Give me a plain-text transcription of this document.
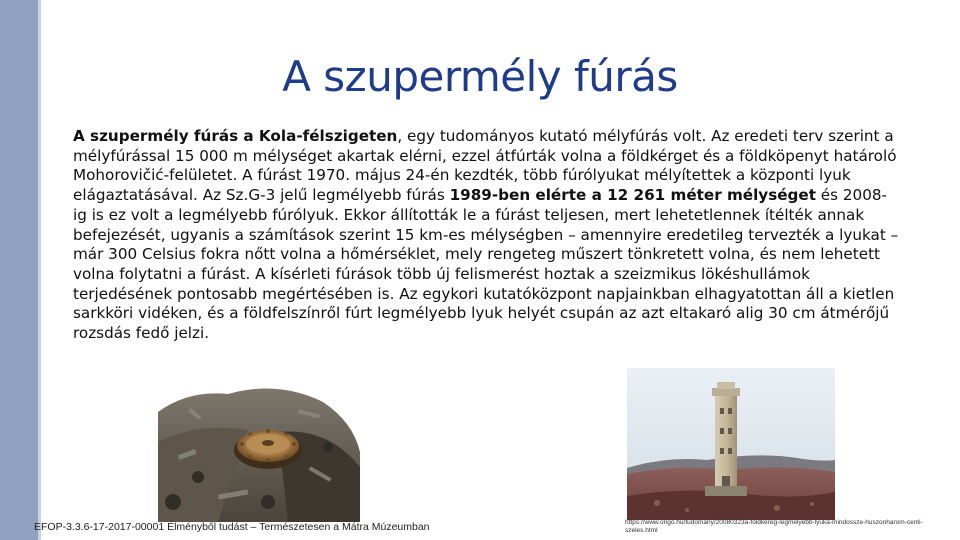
A szupermély fúrás
A szupermély fúrás a Kola-félszigeten, egy tudományos kutató mélyfúrás volt. Az eredeti terv szerint a mélyfúrással 15 000 m mélységet akartak elérni, ezzel átfúrták volna a földkérget és a földköpenyt határoló Mohorovičić-felületet. A fúrást 1970. május 24-én kezdték, több fúrólyukat mélyítettek a központi lyuk elágaztatásával. Az Sz.G-3 jelű legmélyebb fúrás 1989-ben elérte a 12 261 méter mélységet és 2008-ig is ez volt a legmélyebb fúrólyuk. Ekkor állították le a fúrást teljesen, mert lehetetlennek ítélték annak befejezését, ugyanis a számítások szerint 15 km-es mélységben – amennyire eredetileg tervezték a lyukat – már 300 Celsius fokra nőtt volna a hőmérséklet, mely rengeteg műszert tönkretett volna, és nem lehetett volna folytatni a fúrást. A kísérleti fúrások több új felismerést hoztak a szeizmikus lökéshullámok terjedésének pontosabb megértésében is. Az egykori kutatóközpont napjainkban elhagyatottan áll a kietlen sarkköri vidéken, és a földfelszínről fúrt legmélyebb lyuk helyét csupán az azt eltakaró alig 30 cm átmérőjű rozsdás fedő jelzi.
EFOP-3.3.6-17-2017-00001 Élményből tudást – Természetesen a Mátra Múzeumban	https://www.origo.hu/tudomany/20080323a-foldkereg-legmelyebb-lyuka-mindossze-huszonharom-centi-szeles.html
